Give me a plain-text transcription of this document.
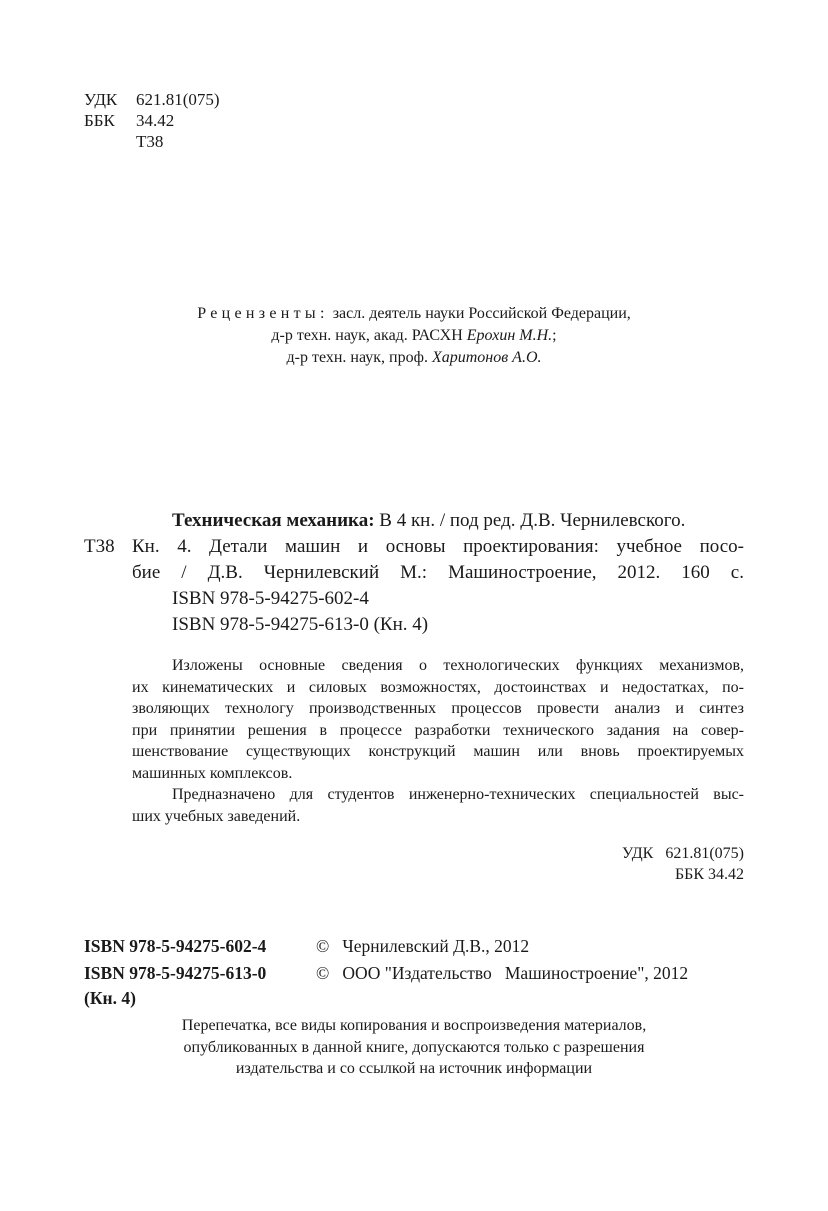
УДК 621.81(075)
ББК 34.42
Т38
Рецензенты: засл. деятель науки Российской Федерации,
д-р техн. наук, акад. РАСХН Ерохин М.Н.;
д-р техн. наук, проф. Харитонов А.О.
Т38
Техническая механика: В 4 кн. / под ред. Д.В. Чернилевского.
Кн. 4. Детали машин и основы проектирования: учебное посо-
бие / Д.В. Чернилевский М.: Машиностроение, 2012. 160 с.
ISBN 978-5-94275-602-4
ISBN 978-5-94275-613-0 (Кн. 4)
Изложены основные сведения о технологических функциях механизмов,
их кинематических и силовых возможностях, достоинствах и недостатках, по-
зволяющих технологу производственных процессов провести анализ и синтез
при принятии решения в процессе разработки технического задания на совер-
шенствование существующих конструкций машин или вновь проектируемых
машинных комплексов.
Предназначено для студентов инженерно-технических специальностей выс-
ших учебных заведений.
УДК   621.81(075)
ББК 34.42
ISBN 978-5-94275-602-4	©   Чернилевский Д.В., 2012
ISBN 978-5-94275-613-0	©   ООО "Издательство   Машиностроение", 2012
(Кн. 4)
Перепечатка, все виды копирования и воспроизведения материалов,
опубликованных в данной книге, допускаются только с разрешения
издательства и со ссылкой на источник информации
